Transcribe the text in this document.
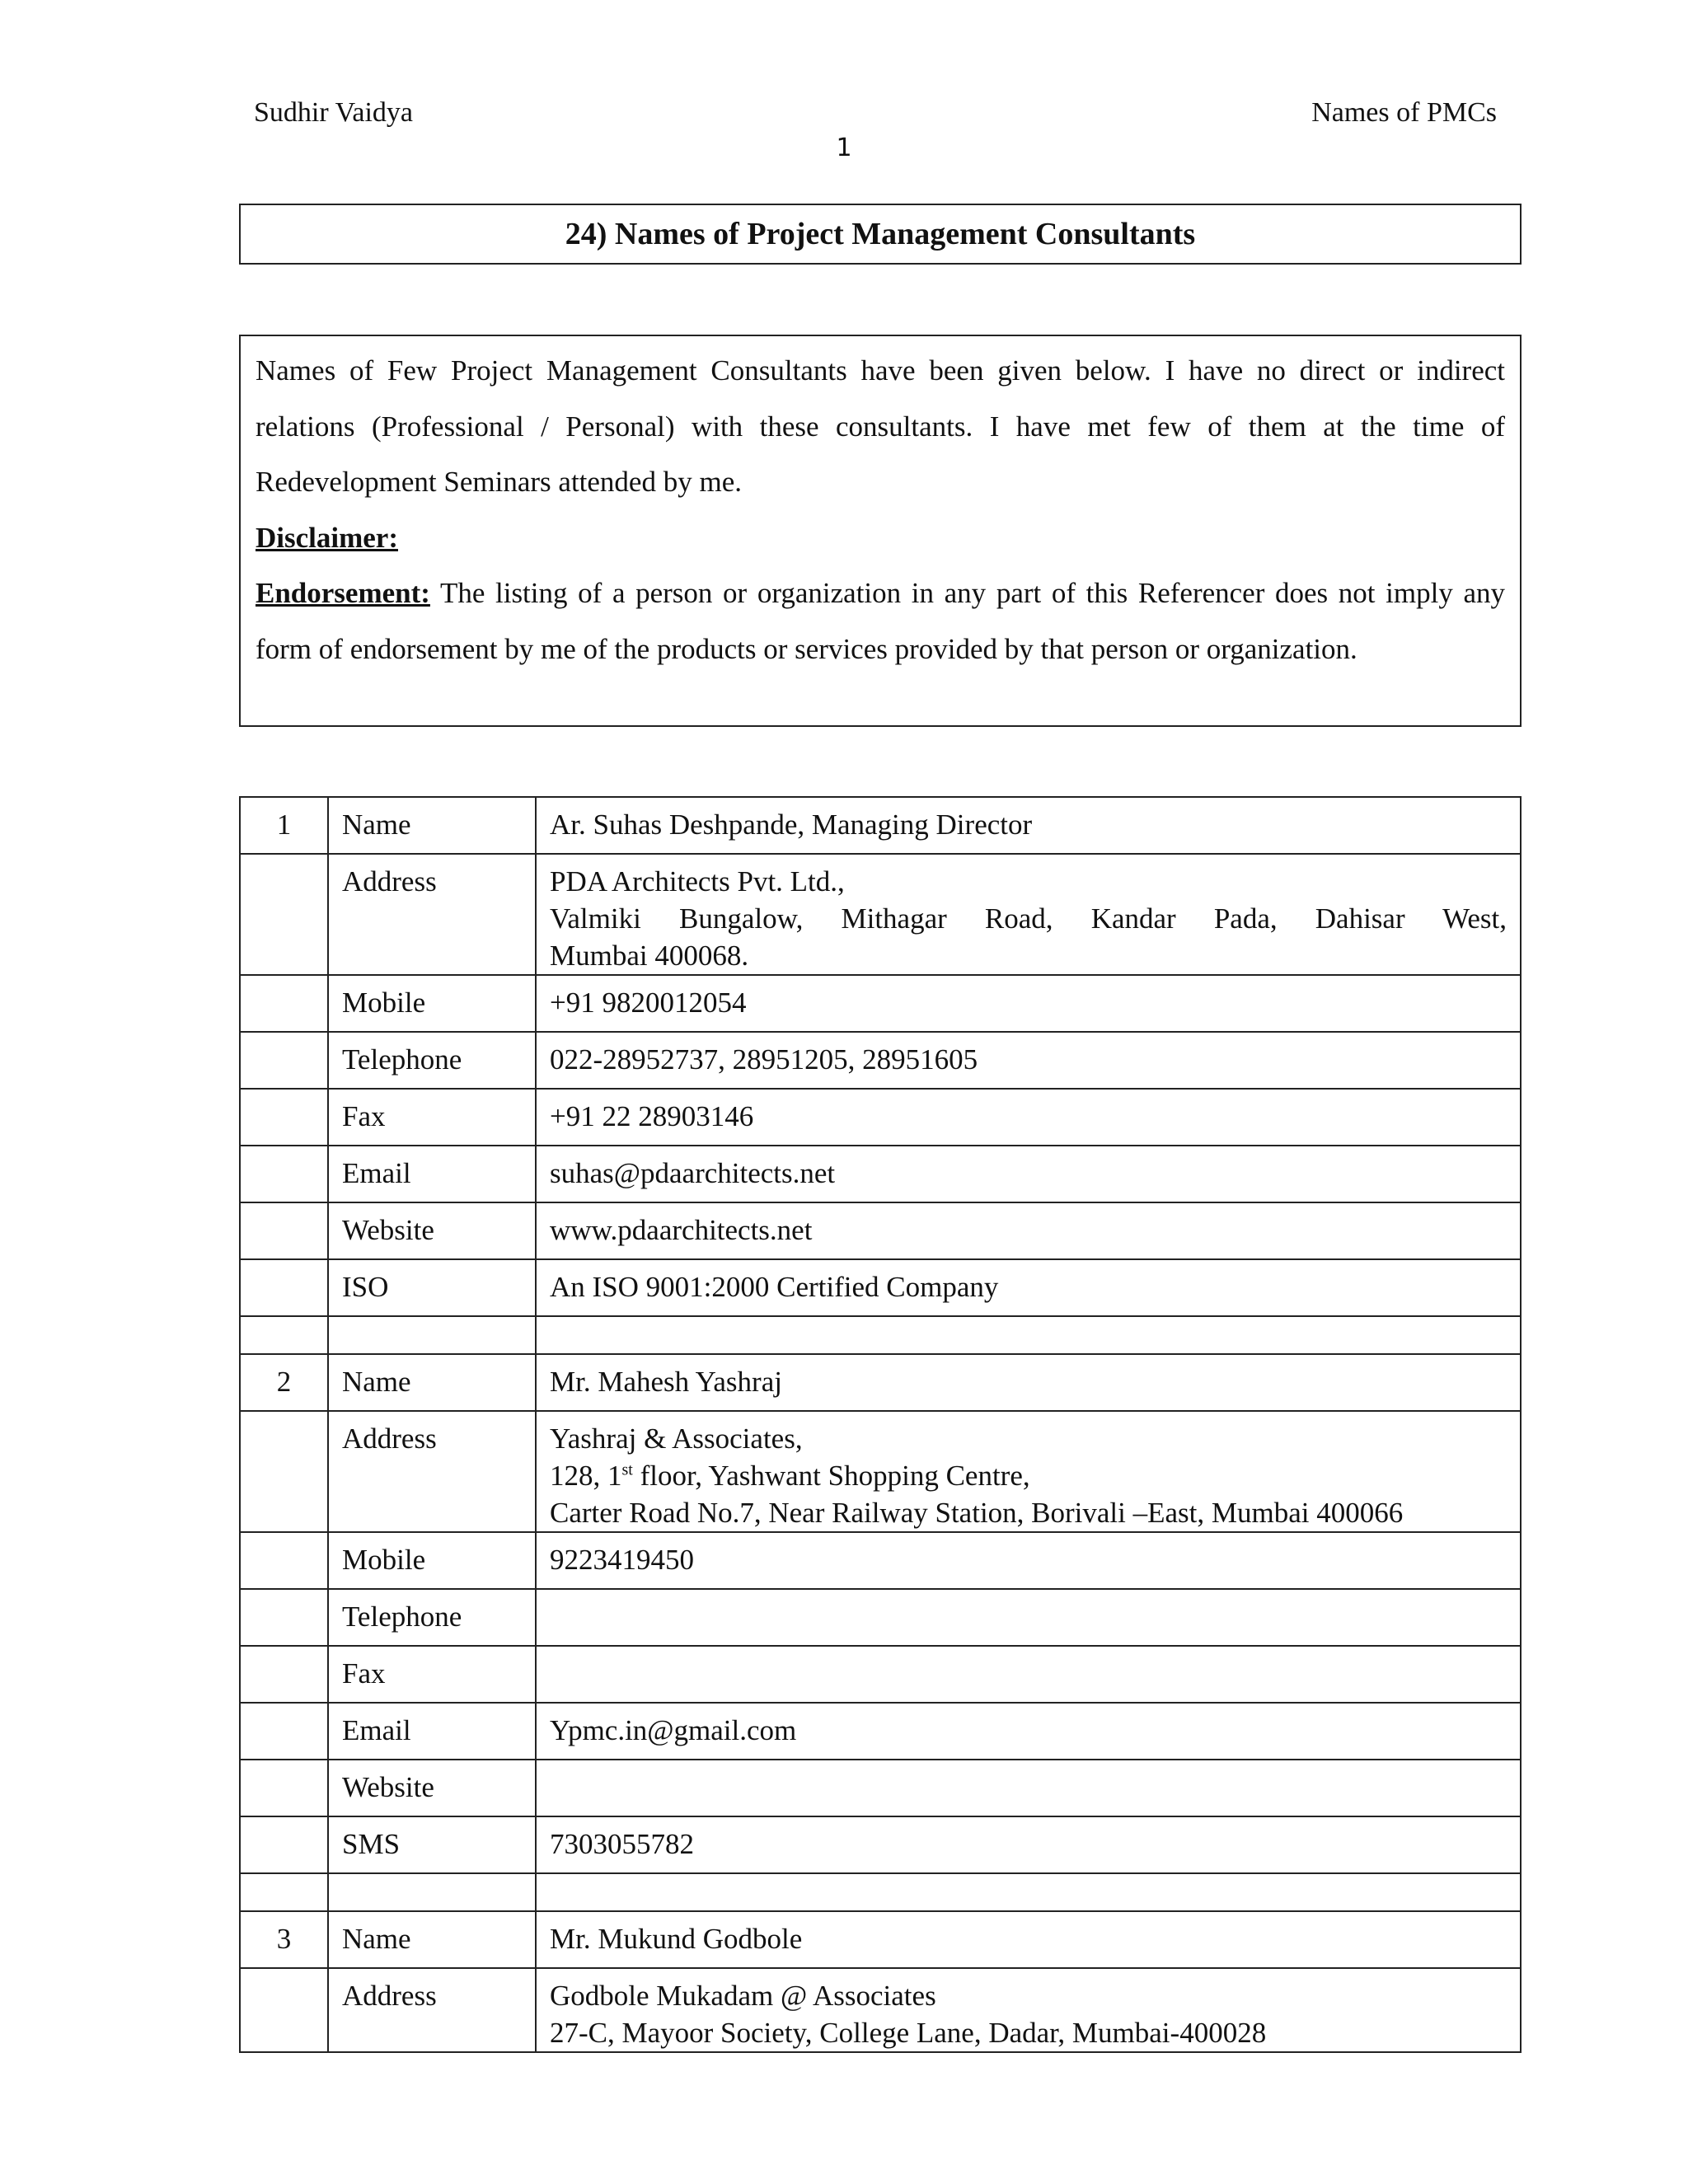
Sudhir Vaidya	Names of PMCs
1
24) Names of Project Management Consultants

Names of Few Project Management Consultants have been given below. I have no direct or indirect relations (Professional / Personal) with these consultants. I have met few of them at the time of Redevelopment Seminars attended by me.

Disclaimer:

Endorsement: The listing of a person or organization in any part of this Referencer does not imply any form of endorsement by me of the products or services provided by that person or organization.

1	Name	Ar. Suhas Deshpande, Managing Director
	Address	PDA Architects Pvt. Ltd.,
Valmiki Bungalow, Mithagar Road, Kandar Pada, Dahisar West,
Mumbai 400068.

	Mobile	+91 9820012054
	Telephone	022-28952737, 28951205, 28951605
	Fax	+91 22 28903146
	Email	suhas@pdaarchitects.net
	Website	www.pdaarchitects.net
	ISO	An ISO 9001:2000 Certified Company

2	Name	Mr. Mahesh Yashraj
	Address	Yashraj & Associates,
128, 1st floor, Yashwant Shopping Centre,
Carter Road No.7, Near Railway Station, Borivali –East, Mumbai 400066

	Mobile	9223419450
	Telephone	
	Fax	
	Email	Ypmc.in@gmail.com
	Website	
	SMS	7303055782

3	Name	Mr. Mukund Godbole
	Address	Godbole Mukadam @ Associates
27-C, Mayoor Society, College Lane, Dadar, Mumbai-400028
